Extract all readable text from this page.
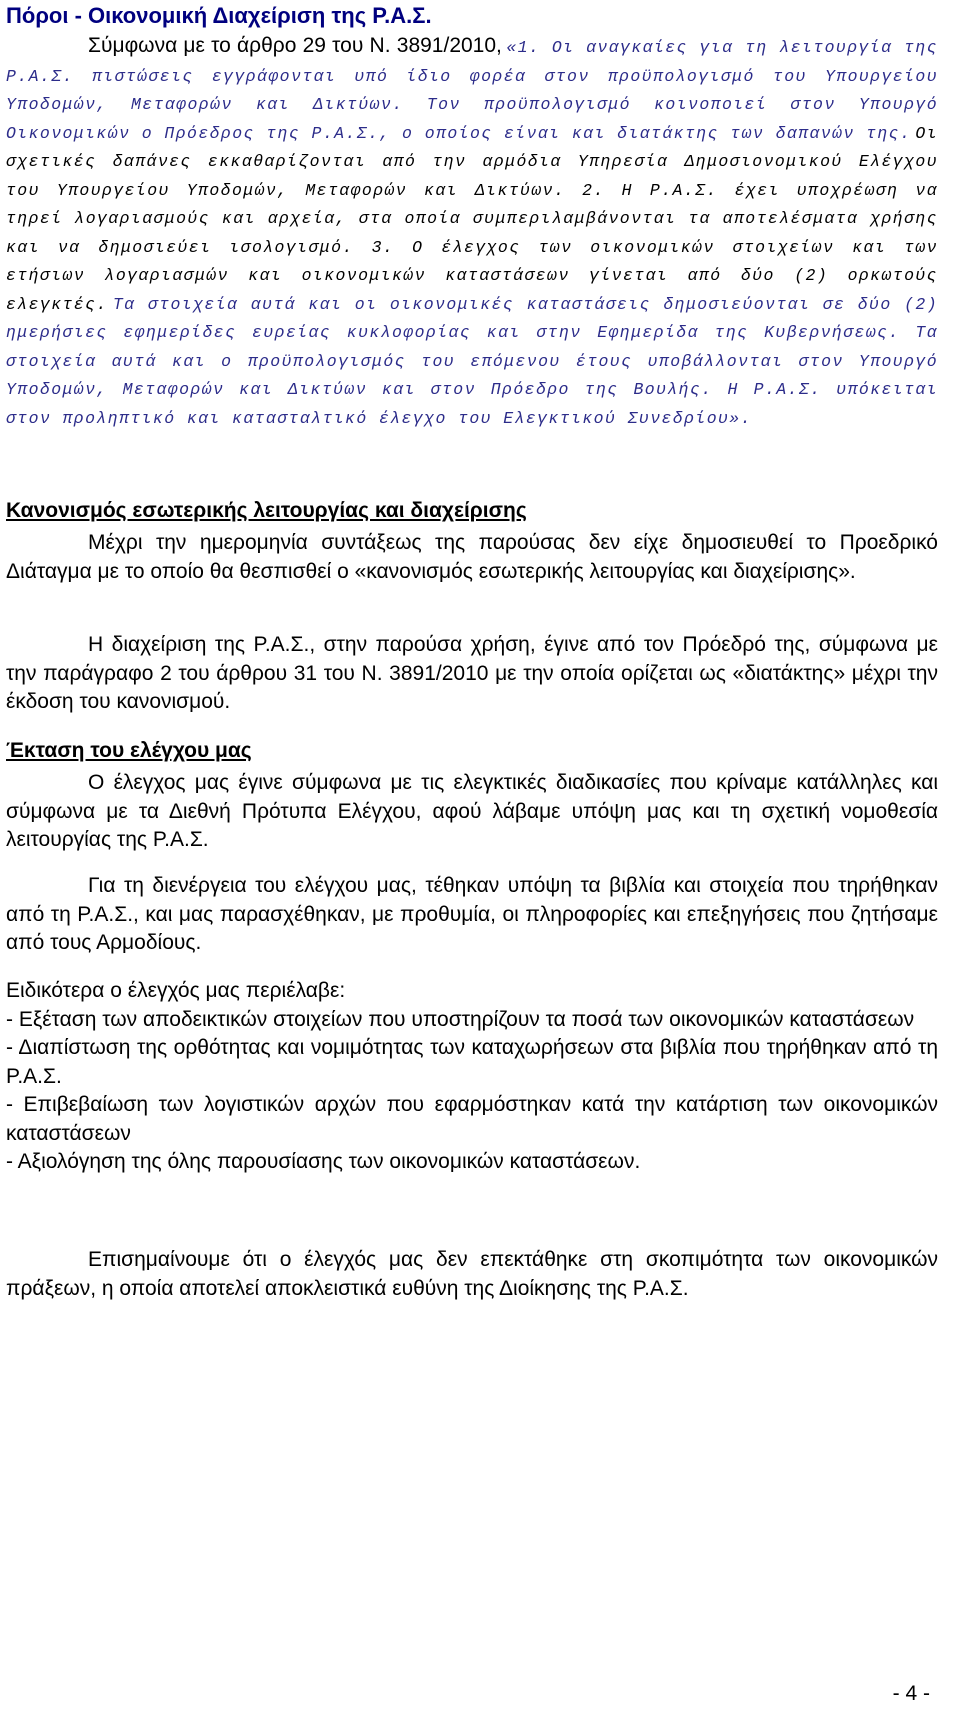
Πόροι - Οικονομική Διαχείριση της Ρ.Α.Σ.
Σύμφωνα με το άρθρο 29 του Ν. 3891/2010, «1. Οι αναγκαίες για τη λειτουργία της Ρ.Α.Σ. πιστώσεις εγγράφονται υπό ίδιο φορέα στον προϋπολογισμό του Υπουργείου Υποδομών, Μεταφορών και Δικτύων. Τον προϋπολογισμό κοινοποιεί στον Υπουργό Οικονομικών ο Πρόεδρος της Ρ.Α.Σ., ο οποίος είναι και διατάκτης των δαπανών της. Οι σχετικές δαπάνες εκκαθαρίζονται από την αρμόδια Υπηρεσία Δημοσιονομικού Ελέγχου του Υπουργείου Υποδομών, Μεταφορών και Δικτύων. 2. Η Ρ.Α.Σ. έχει υποχρέωση να τηρεί λογαριασμούς και αρχεία, στα οποία συμπεριλαμβάνονται τα αποτελέσματα χρήσης και να δημοσιεύει ισολογισμό. 3. Ο έλεγχος των οικονομικών στοιχείων και των ετήσιων λογαριασμών και οικονομικών καταστάσεων γίνεται από δύο (2) ορκωτούς ελεγκτές. Τα στοιχεία αυτά και οι οικονομικές καταστάσεις δημοσιεύονται σε δύο (2) ημερήσιες εφημερίδες ευρείας κυκλοφορίας και στην Εφημερίδα της Κυβερνήσεως. Τα στοιχεία αυτά και ο προϋπολογισμός του επόμενου έτους υποβάλλονται στον Υπουργό Υποδομών, Μεταφορών και Δικτύων και στον Πρόεδρο της Βουλής. Η Ρ.Α.Σ. υπόκειται στον προληπτικό και κατασταλτικό έλεγχο του Ελεγκτικού Συνεδρίου».
Κανονισμός εσωτερικής λειτουργίας και διαχείρισης
Μέχρι την ημερομηνία συντάξεως της παρούσας δεν είχε δημοσιευθεί το Προεδρικό Διάταγμα με το οποίο θα θεσπισθεί ο «κανονισμός εσωτερικής λειτουργίας και διαχείρισης».
Η διαχείριση της Ρ.Α.Σ., στην παρούσα χρήση, έγινε από τον Πρόεδρό της, σύμφωνα με την παράγραφο 2 του άρθρου 31 του Ν. 3891/2010 με την οποία ορίζεται ως «διατάκτης» μέχρι την έκδοση του κανονισμού.
Έκταση του ελέγχου μας
Ο έλεγχος μας έγινε σύμφωνα με τις ελεγκτικές διαδικασίες που κρίναμε κατάλληλες και σύμφωνα με τα Διεθνή Πρότυπα Ελέγχου, αφού λάβαμε υπόψη μας και τη σχετική νομοθεσία λειτουργίας της Ρ.Α.Σ.
Για τη διενέργεια του ελέγχου μας, τέθηκαν υπόψη τα βιβλία και στοιχεία που τηρήθηκαν από τη Ρ.Α.Σ., και μας παρασχέθηκαν, με προθυμία, οι πληροφορίες και επεξηγήσεις που ζητήσαμε από τους Αρμοδίους.
Ειδικότερα ο έλεγχός μας περιέλαβε:
- Εξέταση των αποδεικτικών στοιχείων που υποστηρίζουν τα ποσά των οικονομικών καταστάσεων
- Διαπίστωση της ορθότητας και νομιμότητας των καταχωρήσεων στα βιβλία που τηρήθηκαν από τη Ρ.Α.Σ.
- Επιβεβαίωση των λογιστικών αρχών που εφαρμόστηκαν κατά την κατάρτιση των οικονομικών καταστάσεων
- Αξιολόγηση της όλης παρουσίασης των οικονομικών καταστάσεων.
Επισημαίνουμε ότι ο έλεγχός μας δεν επεκτάθηκε στη σκοπιμότητα των οικονομικών πράξεων, η οποία αποτελεί αποκλειστικά ευθύνη της Διοίκησης της Ρ.Α.Σ.
- 4 -
